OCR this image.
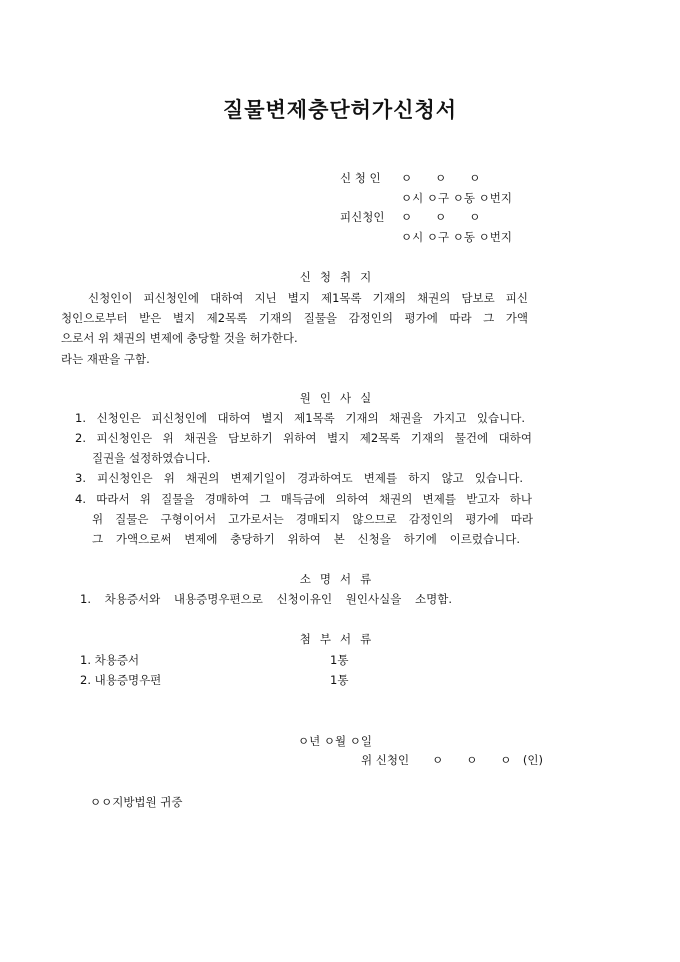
질물변제충단허가신청서
신 청 인 ㅇ　　ㅇ　　ㅇ
ㅇ시 ㅇ구 ㅇ동 ㅇ번지
피신청인 ㅇ　　ㅇ　　ㅇ
ㅇ시 ㅇ구 ㅇ동 ㅇ번지
신청취지
신청인이 피신청인에 대하여 지닌 별지 제1목록 기재의 채권의 담보로 피신
청인으로부터 받은 별지 제2목록 기재의 질물을 감정인의 평가에 따라 그 가액
으로서 위 채권의 변제에 충당할 것을 허가한다.
라는 재판을 구함.
원인사실
1. 신청인은 피신청인에 대하여 별지 제1목록 기재의 채권을 가지고 있습니다.
2. 피신청인은 위 채권을 담보하기 위하여 별지 제2목록 기재의 물건에 대하여
질권을 설정하였습니다.
3. 피신청인은 위 채권의 변제기일이 경과하여도 변제를 하지 않고 있습니다.
4. 따라서 위 질물을 경매하여 그 매득금에 의하여 채권의 변제를 받고자 하나
위 질물은 구형이어서 고가로서는 경매되지 않으므로 감정인의 평가에 따라
그 가액으로써 변제에 충당하기 위하여 본 신청을 하기에 이르렀습니다.
소명서류
1. 차용증서와 내용증명우편으로 신청이유인 원인사실을 소명함.
첨부서류
1. 차용증서	1통
2. 내용증명우편	1통
ㅇ년 ㅇ월 ㅇ일
위 신청인　　ㅇ　　ㅇ　　ㅇ　(인)
ㅇㅇ지방법원 귀중
